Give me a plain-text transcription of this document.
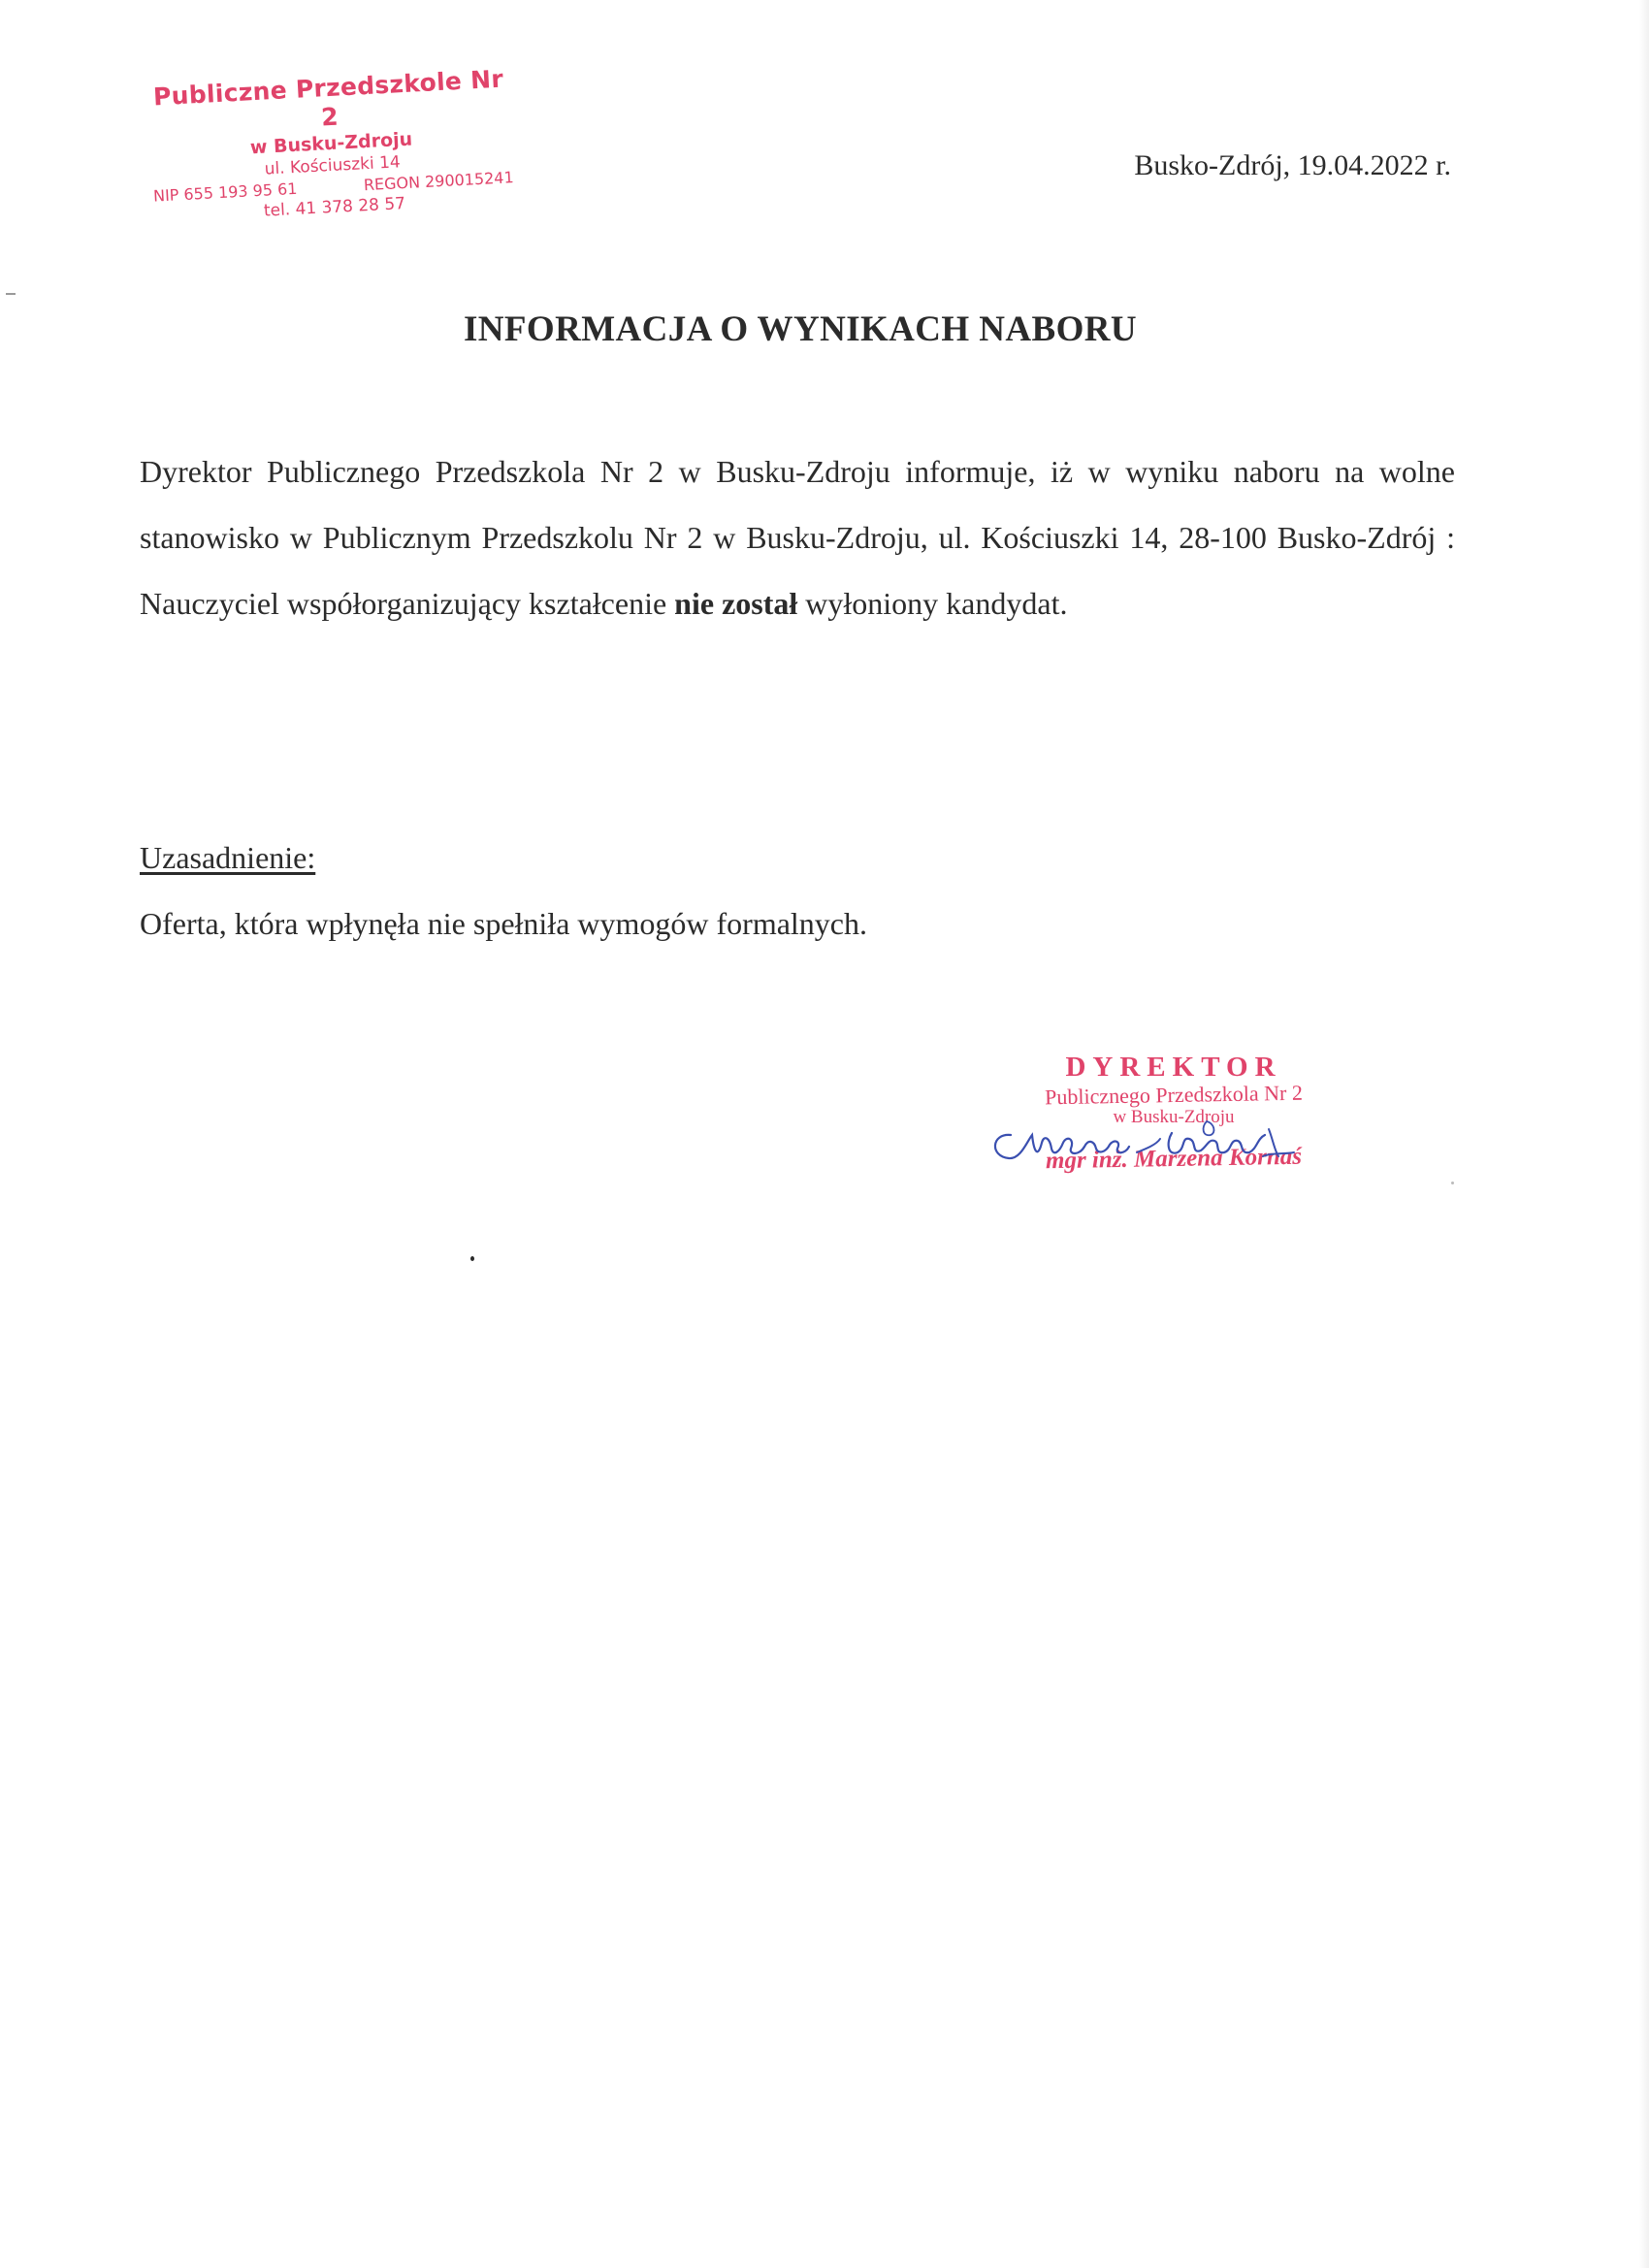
Publiczne Przedszkole Nr 2
w Busku-Zdroju
ul. Kościuszki 14
NIP 655 193 95 61	REGON 290015241
tel. 41 378 28 57
Busko-Zdrój, 19.04.2022 r.
INFORMACJA O WYNIKACH NABORU
Dyrektor Publicznego Przedszkola Nr 2 w Busku-Zdroju informuje, iż w wyniku naboru na wolne stanowisko w Publicznym Przedszkolu Nr 2 w Busku-Zdroju, ul. Kościuszki 14, 28-100 Busko-Zdrój : Nauczyciel współorganizujący kształcenie nie został wyłoniony kandydat.
Uzasadnienie:
Oferta, która wpłynęła nie spełniła wymogów formalnych.
DYREKTOR
Publicznego Przedszkola Nr 2
w Busku-Zdroju
mgr inż. Marzena Kornaś
